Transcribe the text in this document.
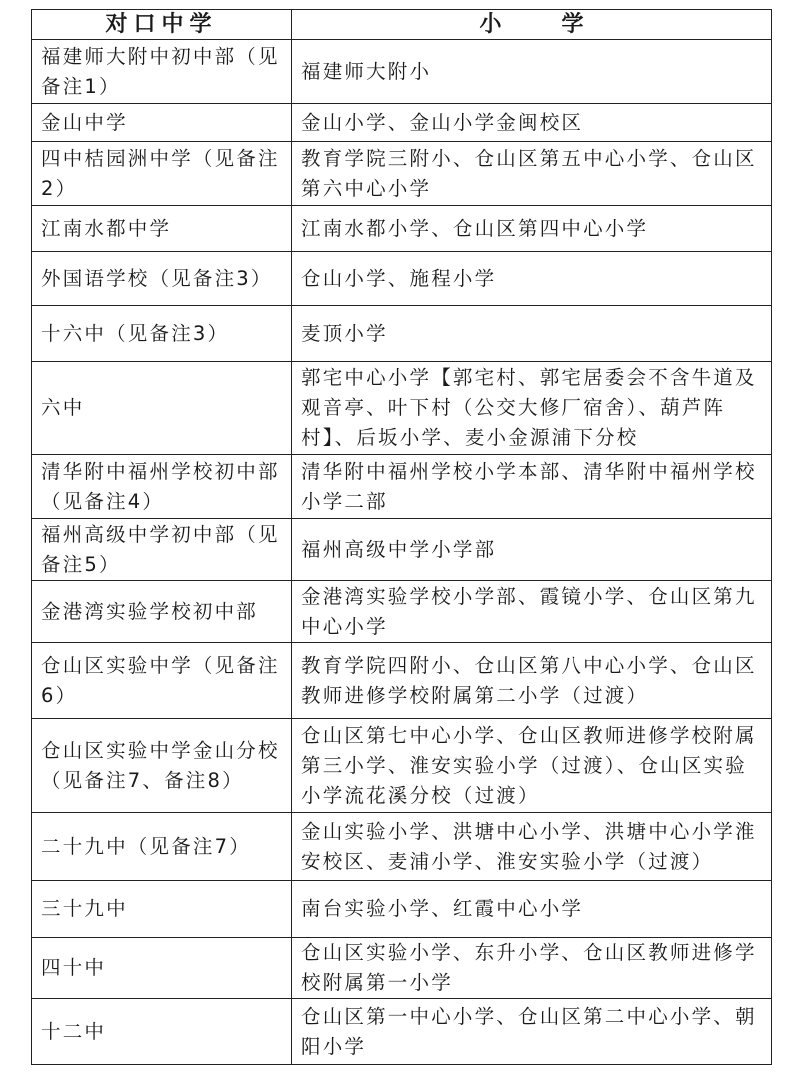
对口中学	小学
福建师大附中初中部（见备注1）	福建师大附小
金山中学	金山小学、金山小学金闽校区
四中桔园洲中学（见备注2）	教育学院三附小、仓山区第五中心小学、仓山区第六中心小学
江南水都中学	江南水都小学、仓山区第四中心小学
外国语学校（见备注3）	仓山小学、施程小学
十六中（见备注3）	麦顶小学
六中	郭宅中心小学【郭宅村、郭宅居委会不含牛道及观音亭、叶下村（公交大修厂宿舍）、葫芦阵村】、后坂小学、麦小金源浦下分校
清华附中福州学校初中部（见备注4）	清华附中福州学校小学本部、清华附中福州学校小学二部
福州高级中学初中部（见备注5）	福州高级中学小学部
金港湾实验学校初中部	金港湾实验学校小学部、霞镜小学、仓山区第九中心小学
仓山区实验中学（见备注6）	教育学院四附小、仓山区第八中心小学、仓山区教师进修学校附属第二小学（过渡）
仓山区实验中学金山分校（见备注7、备注8）	仓山区第七中心小学、仓山区教师进修学校附属第三小学、淮安实验小学（过渡）、仓山区实验小学流花溪分校（过渡）
二十九中（见备注7）	金山实验小学、洪塘中心小学、洪塘中心小学淮安校区、麦浦小学、淮安实验小学（过渡）
三十九中	南台实验小学、红霞中心小学
四十中	仓山区实验小学、东升小学、仓山区教师进修学校附属第一小学
十二中	仓山区第一中心小学、仓山区第二中心小学、朝阳小学
